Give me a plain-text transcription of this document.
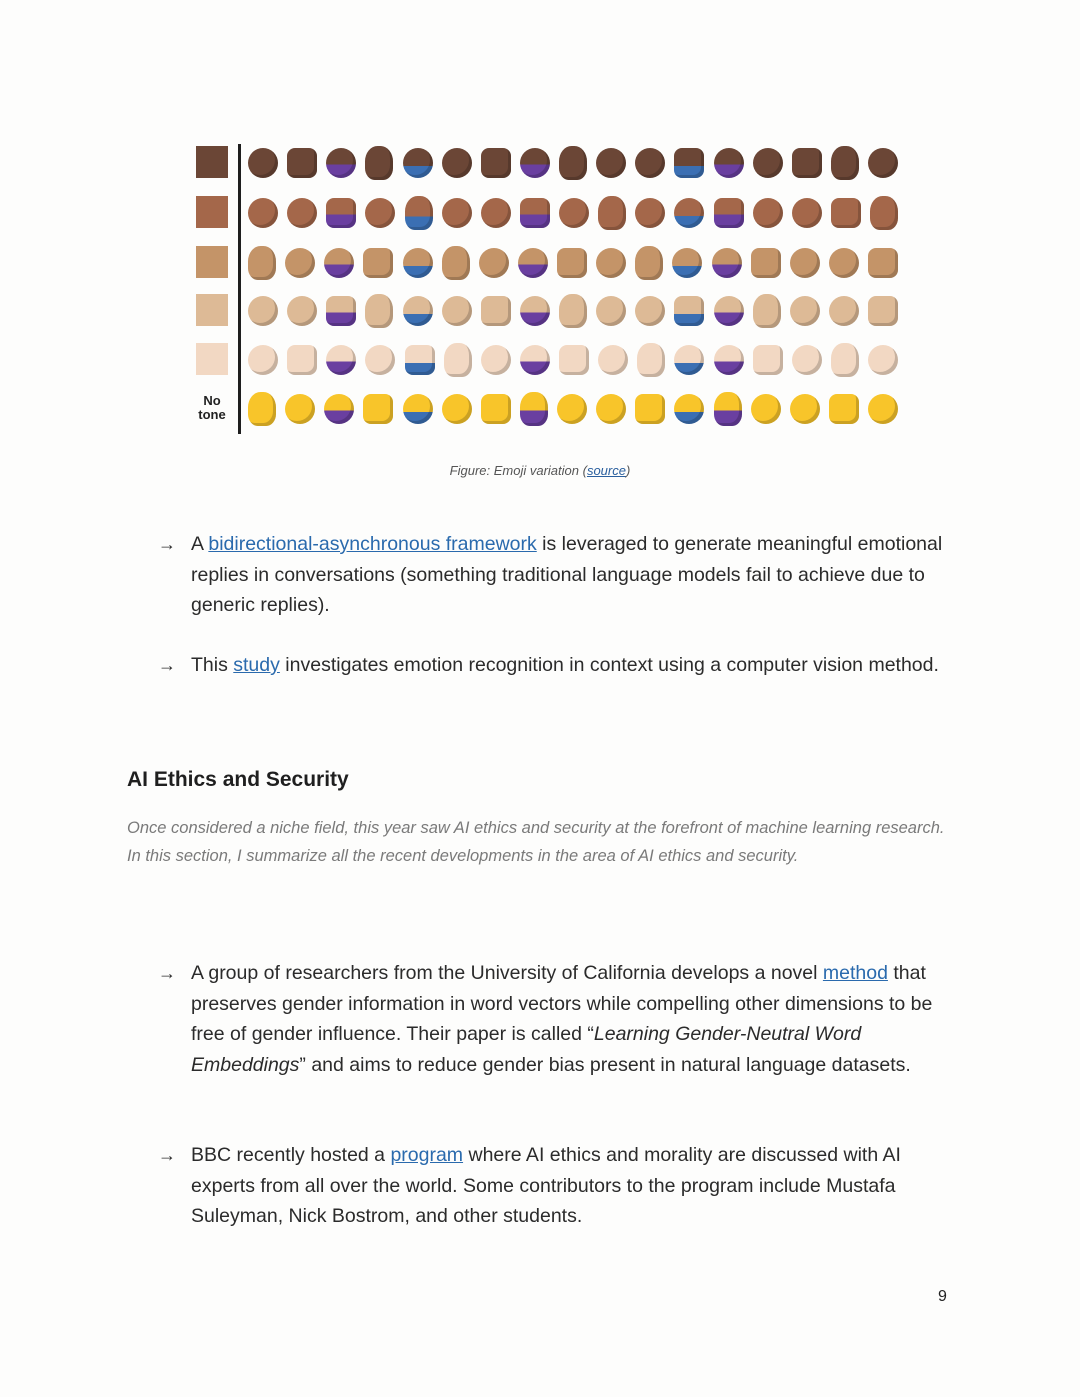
No
tone
Figure: Emoji variation (source)
→ A bidirectional-asynchronous framework is leveraged to generate meaningful emotional replies in conversations (something traditional language models fail to achieve due to generic replies).
→ This study investigates emotion recognition in context using a computer vision method.
AI Ethics and Security
Once considered a niche field, this year saw AI ethics and security at the forefront of machine learning research. In this section, I summarize all the recent developments in the area of AI ethics and security.
→ A group of researchers from the University of California develops a novel method that preserves gender information in word vectors while compelling other dimensions to be free of gender influence. Their paper is called “Learning Gender-Neutral Word Embeddings” and aims to reduce gender bias present in natural language datasets.
→ BBC recently hosted a program where AI ethics and morality are discussed with AI experts from all over the world. Some contributors to the program include Mustafa Suleyman, Nick Bostrom, and other students.
9
